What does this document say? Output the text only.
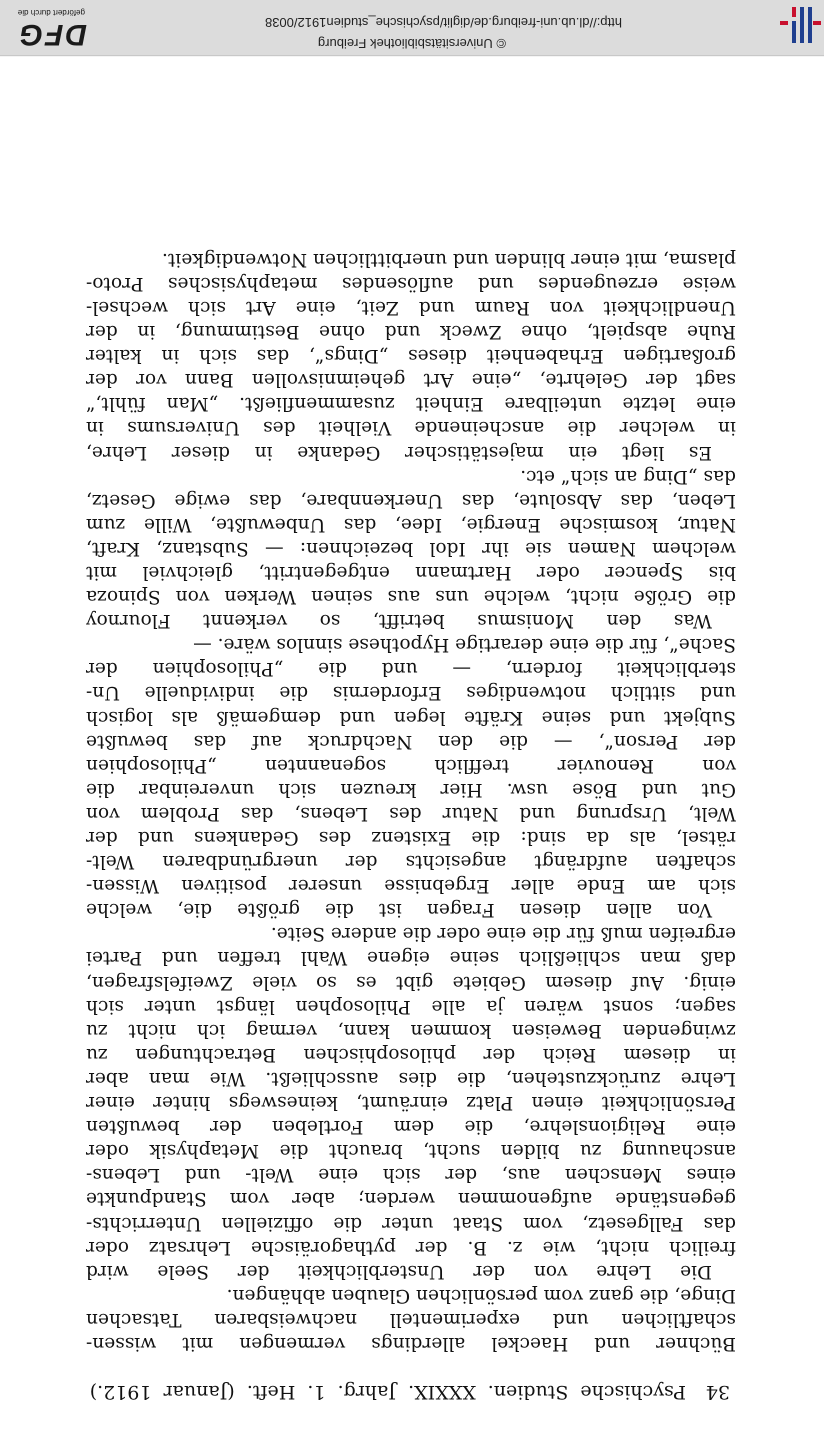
34
Psychische Studien. XXXIX. Jahrg. 1. Heft. (Januar 1912.)
Büchner und Haeckel allerdings vermengen mit wissen-
schaftlichen und experimentell nachweisbaren Tatsachen
Dinge, die ganz vom persönlichen Glauben abhängen.
Die Lehre von der Unsterblichkeit der Seele wird
freilich nicht, wie z. B. der pythagoräische Lehrsatz oder
das Fallgesetz, vom Staat unter die offiziellen Unterrichts-
gegenstände aufgenommen werden; aber vom Standpunkte
eines Menschen aus, der sich eine Welt- und Lebens-
anschauung zu bilden sucht, braucht die Metaphysik oder
eine Religionslehre, die dem Fortleben der bewußten
Persönlichkeit einen Platz einräumt, keineswegs hinter einer
Lehre zurückzustehen, die dies ausschließt. Wie man aber
in diesem Reich der philosophischen Betrachtungen zu
zwingenden Beweisen kommen kann, vermag ich nicht zu
sagen; sonst wären ja alle Philosophen längst unter sich
einig. Auf diesem Gebiete gibt es so viele Zweifelsfragen,
daß man schließlich seine eigene Wahl treffen und Partei
ergreifen muß für die eine oder die andere Seite.
Von allen diesen Fragen ist die größte die, welche
sich am Ende aller Ergebnisse unserer positiven Wissen-
schaften aufdrängt angesichts der unergründbaren Welt-
rätsel, als da sind: die Existenz des Gedankens und der
Welt, Ursprung und Natur des Lebens, das Problem von
Gut und Böse usw. Hier kreuzen sich unvereinbar die
von Renouvier trefflich sogenannten „Philosophien
der Person“, — die den Nachdruck auf das bewußte
Subjekt und seine Kräfte legen und demgemäß als logisch
und sittlich notwendiges Erfordernis die individuelle Un-
sterblichkeit fordern, — und die „Philosophien der
Sache“, für die eine derartige Hypothese sinnlos wäre. —
Was den Monismus betrifft, so verkennt Flournoy
die Größe nicht, welche uns aus seinen Werken von Spinoza
bis Spencer oder Hartmann entgegentritt, gleichviel mit
welchem Namen sie ihr Idol bezeichnen: — Substanz, Kraft,
Natur, kosmische Energie, Idee, das Unbewußte, Wille zum
Leben, das Absolute, das Unerkennbare, das ewige Gesetz,
das „Ding an sich“ etc.
Es liegt ein majestätischer Gedanke in dieser Lehre,
in welcher die anscheinende Vielheit des Universums in
eine letzte unteilbare Einheit zusammenfließt. „Man fühlt,“
sagt der Gelehrte, „eine Art geheimnisvollen Bann vor der
großartigen Erhabenheit dieses „Dings“, das sich in kalter
Ruhe abspielt, ohne Zweck und ohne Bestimmung, in der
Unendlichkeit von Raum und Zeit, eine Art sich wechsel-
weise erzeugendes und auflösendes metaphysisches Proto-
plasma, mit einer blinden und unerbittlichen Notwendigkeit.
http://dl.ub.uni-freiburg.de/diglit/psychische_studien1912/0038
© Universitätsbibliothek Freiburg
DFG
gefördert durch die
